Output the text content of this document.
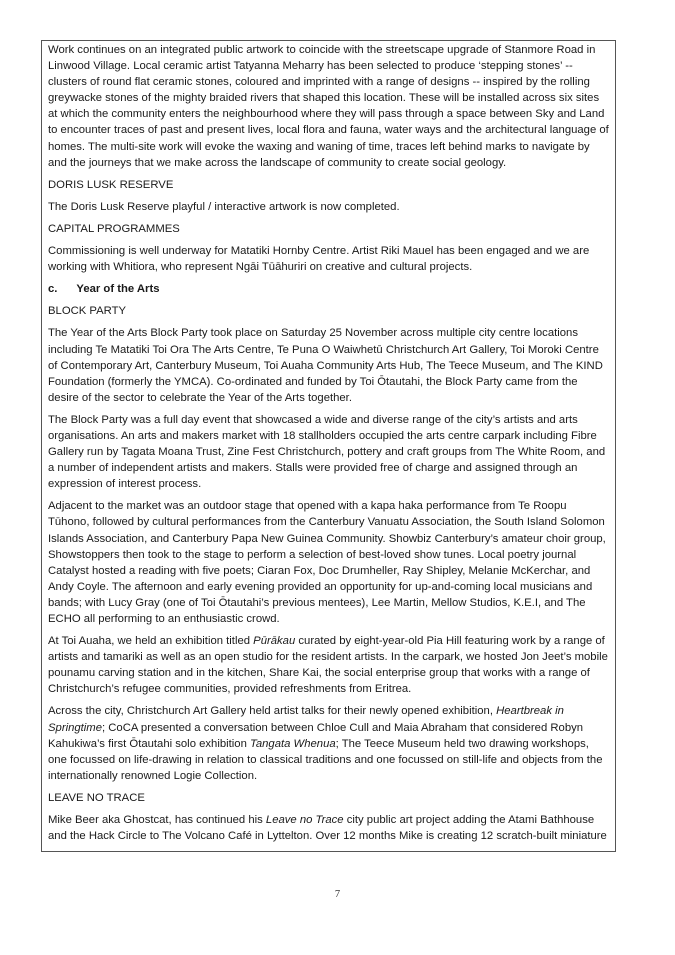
Work continues on an integrated public artwork to coincide with the streetscape upgrade of Stanmore Road in Linwood Village. Local ceramic artist Tatyanna Meharry has been selected to produce ‘stepping stones’ -- clusters of round flat ceramic stones, coloured and imprinted with a range of designs -- inspired by the rolling greywacke stones of the mighty braided rivers that shaped this location. These will be installed across six sites at which the community enters the neighbourhood where they will pass through a space between Sky and Land to encounter traces of past and present lives, local flora and fauna, water ways and the architectural language of homes. The multi-site work will evoke the waxing and waning of time, traces left behind marks to navigate by and the journeys that we make across the landscape of community to create social geology.

DORIS LUSK RESERVE

The Doris Lusk Reserve playful / interactive artwork is now completed.

CAPITAL PROGRAMMES

Commissioning is well underway for Matatiki Hornby Centre. Artist Riki Mauel has been engaged and we are working with Whitiora, who represent Ngāi Tūāhuriri on creative and cultural projects.

c. Year of the Arts

BLOCK PARTY

The Year of the Arts Block Party took place on Saturday 25 November across multiple city centre locations including Te Matatiki Toi Ora The Arts Centre, Te Puna O Waiwhetū Christchurch Art Gallery, Toi Moroki Centre of Contemporary Art, Canterbury Museum, Toi Auaha Community Arts Hub, The Teece Museum, and The KIND Foundation (formerly the YMCA). Co-ordinated and funded by Toi Ōtautahi, the Block Party came from the desire of the sector to celebrate the Year of the Arts together.

The Block Party was a full day event that showcased a wide and diverse range of the city’s artists and arts organisations. An arts and makers market with 18 stallholders occupied the arts centre carpark including Fibre Gallery run by Tagata Moana Trust, Zine Fest Christchurch, pottery and craft groups from The White Room, and a number of independent artists and makers. Stalls were provided free of charge and assigned through an expression of interest process.

Adjacent to the market was an outdoor stage that opened with a kapa haka performance from Te Roopu Tūhono, followed by cultural performances from the Canterbury Vanuatu Association, the South Island Solomon Islands Association, and Canterbury Papa New Guinea Community. Showbiz Canterbury’s amateur choir group, Showstoppers then took to the stage to perform a selection of best-loved show tunes. Local poetry journal Catalyst hosted a reading with five poets; Ciaran Fox, Doc Drumheller, Ray Shipley, Melanie McKerchar, and Andy Coyle. The afternoon and early evening provided an opportunity for up-and-coming local musicians and bands; with Lucy Gray (one of Toi Ōtautahi’s previous mentees), Lee Martin, Mellow Studios, K.E.I, and The ECHO all performing to an enthusiastic crowd.

At Toi Auaha, we held an exhibition titled Pūrākau curated by eight-year-old Pia Hill featuring work by a range of artists and tamariki as well as an open studio for the resident artists. In the carpark, we hosted Jon Jeet’s mobile pounamu carving station and in the kitchen, Share Kai, the social enterprise group that works with a range of Christchurch’s refugee communities, provided refreshments from Eritrea.

Across the city, Christchurch Art Gallery held artist talks for their newly opened exhibition, Heartbreak in Springtime; CoCA presented a conversation between Chloe Cull and Maia Abraham that considered Robyn Kahukiwa’s first Ōtautahi solo exhibition Tangata Whenua; The Teece Museum held two drawing workshops, one focussed on life-drawing in relation to classical traditions and one focussed on still-life and objects from the internationally renowned Logie Collection.

LEAVE NO TRACE

Mike Beer aka Ghostcat, has continued his Leave no Trace city public art project adding the Atami Bathhouse and the Hack Circle to The Volcano Café in Lyttelton. Over 12 months Mike is creating 12 scratch-built miniature

7
